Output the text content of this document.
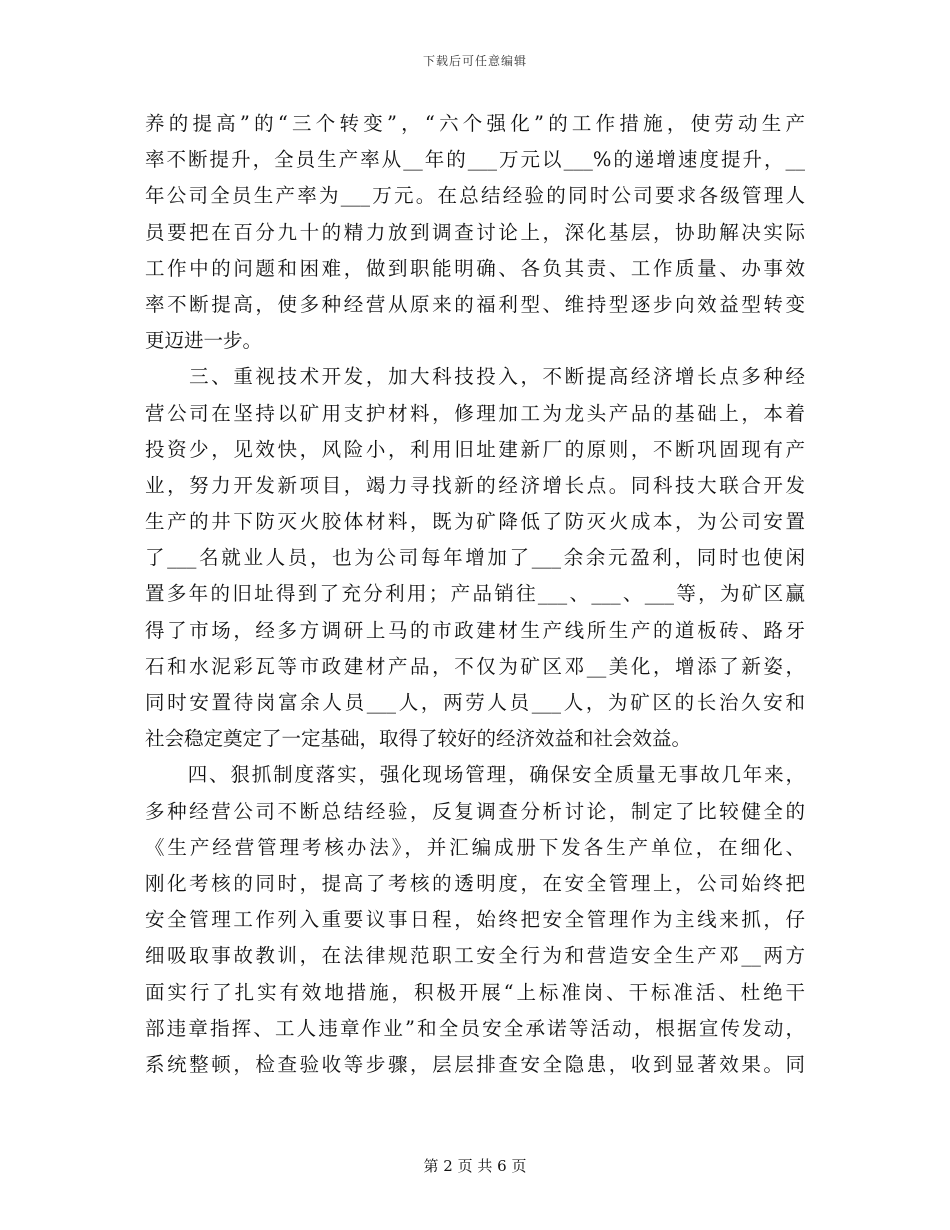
下载后可任意编辑
养的提高”的“三个转变”，“六个强化”的工作措施，使劳动生产
率不断提升，全员生产率从__年的___万元以___%的递增速度提升，__
年公司全员生产率为___万元。在总结经验的同时公司要求各级管理人
员要把在百分九十的精力放到调查讨论上，深化基层，协助解决实际
工作中的问题和困难，做到职能明确、各负其责、工作质量、办事效
率不断提高，使多种经营从原来的福利型、维持型逐步向效益型转变
更迈进一步。
　　三、重视技术开发，加大科技投入，不断提高经济增长点多种经
营公司在坚持以矿用支护材料，修理加工为龙头产品的基础上，本着
投资少，见效快，风险小，利用旧址建新厂的原则，不断巩固现有产
业，努力开发新项目，竭力寻找新的经济增长点。同科技大联合开发
生产的井下防灭火胶体材料，既为矿降低了防灭火成本，为公司安置
了___名就业人员，也为公司每年增加了___余余元盈利，同时也使闲
置多年的旧址得到了充分利用；产品销往___、___、___等，为矿区赢
得了市场，经多方调研上马的市政建材生产线所生产的道板砖、路牙
石和水泥彩瓦等市政建材产品，不仅为矿区邓__美化，增添了新姿，
同时安置待岗富余人员___人，两劳人员___人，为矿区的长治久安和
社会稳定奠定了一定基础，取得了较好的经济效益和社会效益。
　　四、狠抓制度落实，强化现场管理，确保安全质量无事故几年来，
多种经营公司不断总结经验，反复调查分析讨论，制定了比较健全的
《生产经营管理考核办法》，并汇编成册下发各生产单位，在细化、
刚化考核的同时，提高了考核的透明度，在安全管理上，公司始终把
安全管理工作列入重要议事日程，始终把安全管理作为主线来抓，仔
细吸取事故教训，在法律规范职工安全行为和营造安全生产邓__两方
面实行了扎实有效地措施，积极开展“上标准岗、干标准活、杜绝干
部违章指挥、工人违章作业”和全员安全承诺等活动，根据宣传发动，
系统整顿，检查验收等步骤，层层排查安全隐患，收到显著效果。同
第 2 页 共 6 页
